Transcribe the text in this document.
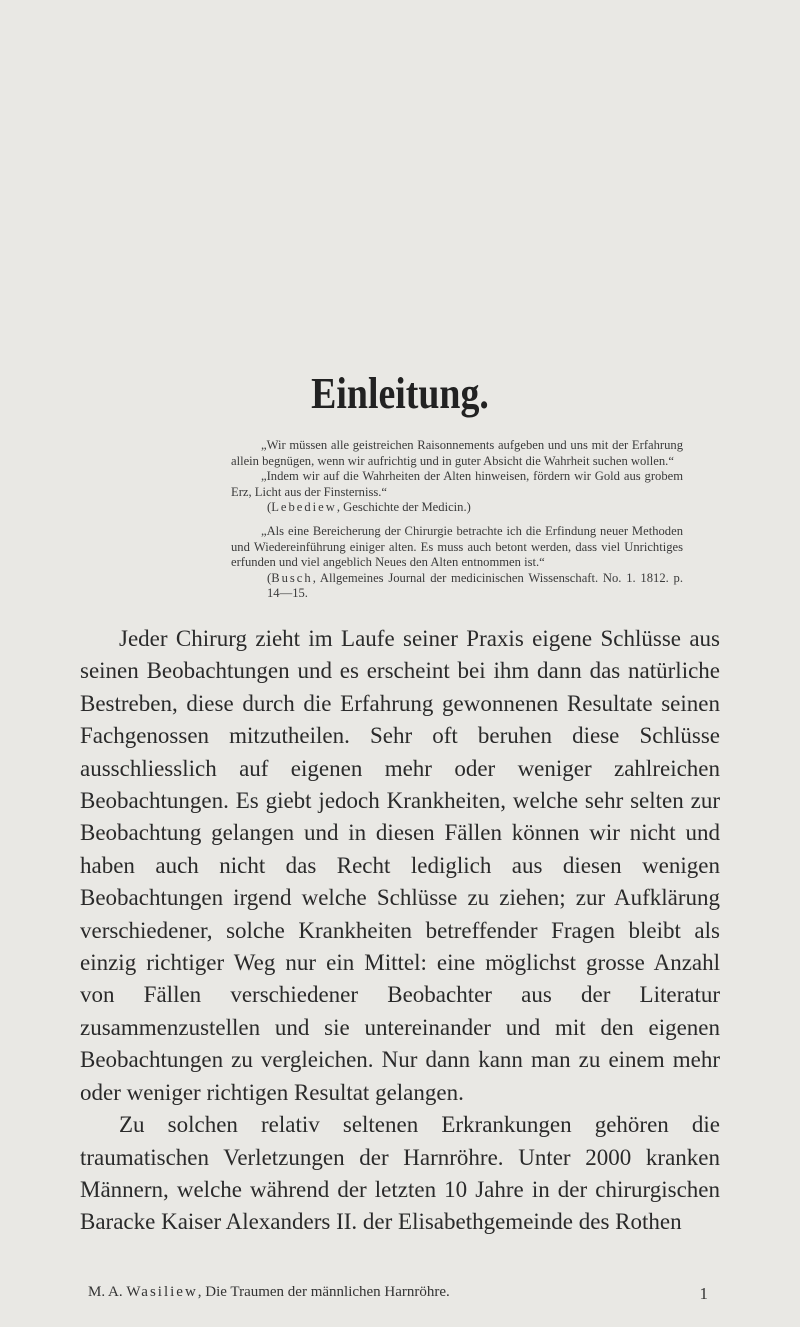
Einleitung.

„Wir müssen alle geistreichen Raisonnements aufgeben und uns mit der Erfahrung allein begnügen, wenn wir aufrichtig und in guter Absicht die Wahrheit suchen wollen.“

„Indem wir auf die Wahrheiten der Alten hinweisen, fördern wir Gold aus grobem Erz, Licht aus der Finsterniss.“

(Lebediew, Geschichte der Medicin.)

„Als eine Bereicherung der Chirurgie betrachte ich die Erfindung neuer Methoden und Wiedereinführung einiger alten. Es muss auch betont werden, dass viel Unrichtiges erfunden und viel angeblich Neues den Alten entnommen ist.“

(Busch, Allgemeines Journal der medicinischen Wissenschaft. No. 1. 1812. p. 14—15.

Jeder Chirurg zieht im Laufe seiner Praxis eigene Schlüsse aus seinen Beobachtungen und es erscheint bei ihm dann das natürliche Bestreben, diese durch die Erfahrung gewonnenen Resultate seinen Fachgenossen mitzutheilen. Sehr oft beruhen diese Schlüsse ausschliesslich auf eigenen mehr oder weniger zahlreichen Beobachtungen. Es giebt jedoch Krankheiten, welche sehr selten zur Beobachtung gelangen und in diesen Fällen können wir nicht und haben auch nicht das Recht lediglich aus diesen wenigen Beobachtungen irgend welche Schlüsse zu ziehen; zur Aufklärung verschiedener, solche Krankheiten betreffender Fragen bleibt als einzig richtiger Weg nur ein Mittel: eine möglichst grosse Anzahl von Fällen verschiedener Beobachter aus der Literatur zusammenzustellen und sie untereinander und mit den eigenen Beobachtungen zu vergleichen. Nur dann kann man zu einem mehr oder weniger richtigen Resultat gelangen.

Zu solchen relativ seltenen Erkrankungen gehören die traumatischen Verletzungen der Harnröhre. Unter 2000 kranken Männern, welche während der letzten 10 Jahre in der chirurgischen Baracke Kaiser Alexanders II. der Elisabethgemeinde des Rothen

M. A. Wasiliew, Die Traumen der männlichen Harnröhre.	1
